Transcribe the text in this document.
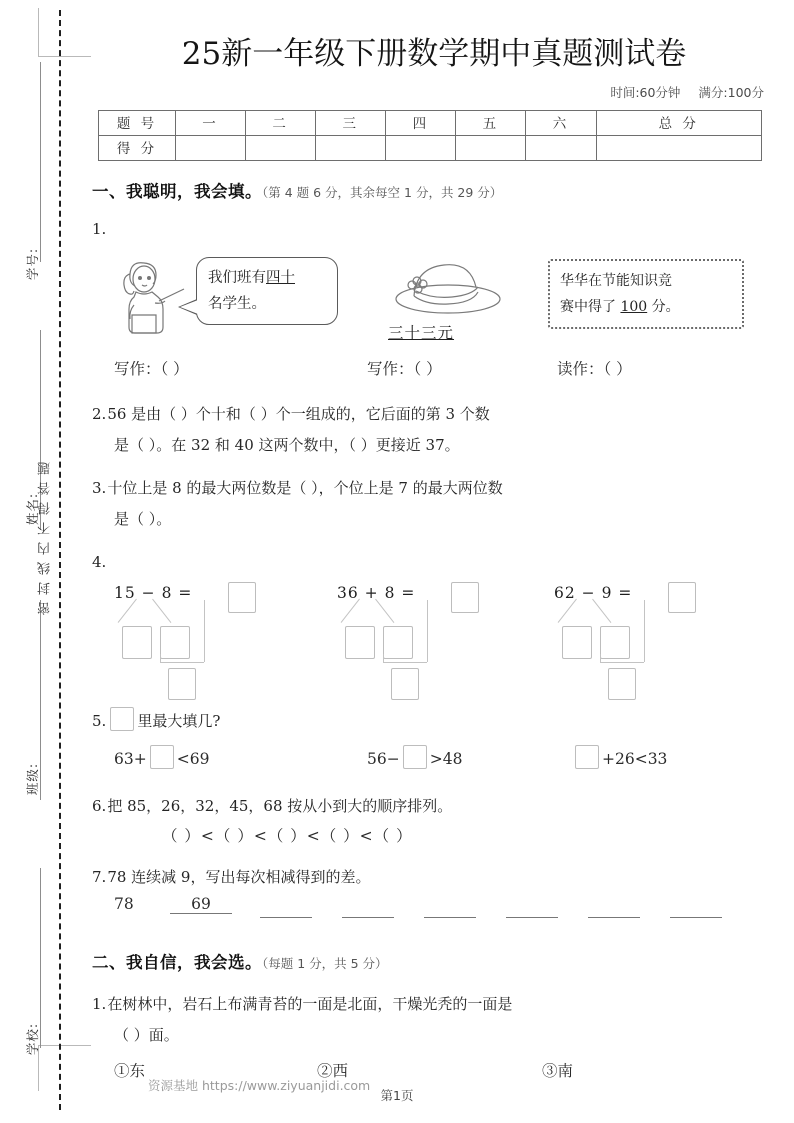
学号:
姓名:
班级:
学校:
密封线内不得答题
25新一年级下册数学期中真题测试卷
时间:60分钟 满分:100分
题 号	一	二	三	四	五	六	总 分
得 分							
一、我聪明，我会填。（第 4 题 6 分，其余每空 1 分，共 29 分）
1.
我们班有四十
名学生。
三十三元
华华在节能知识竞
赛中得了 100 分。
写作：（ ）	写作：（ ）	读作：（ ）
2.56 是由（ ）个十和（ ）个一组成的，它后面的第 3 个数
是（ ）。在 32 和 40 这两个数中，（ ）更接近 37。
3.十位上是 8 的最大两位数是（ ），个位上是 7 的最大两位数
是（ ）。
4.
15 − 8 =	36 + 8 =	62 − 9 =
5. 里最大填几?
63+ <69	56− >48	+26<33
6.把 85，26，32，45，68 按从小到大的顺序排列。
（ ）<（ ）<（ ）<（ ）<（ ）
7.78 连续减 9，写出每次相减得到的差。
78	69
二、我自信，我会选。（每题 1 分，共 5 分）
1.在树林中，岩石上布满青苔的一面是北面，干燥光秃的一面是
（ ）面。
①东	②西	③南
资源基地 https://www.ziyuanjidi.com
第1页
